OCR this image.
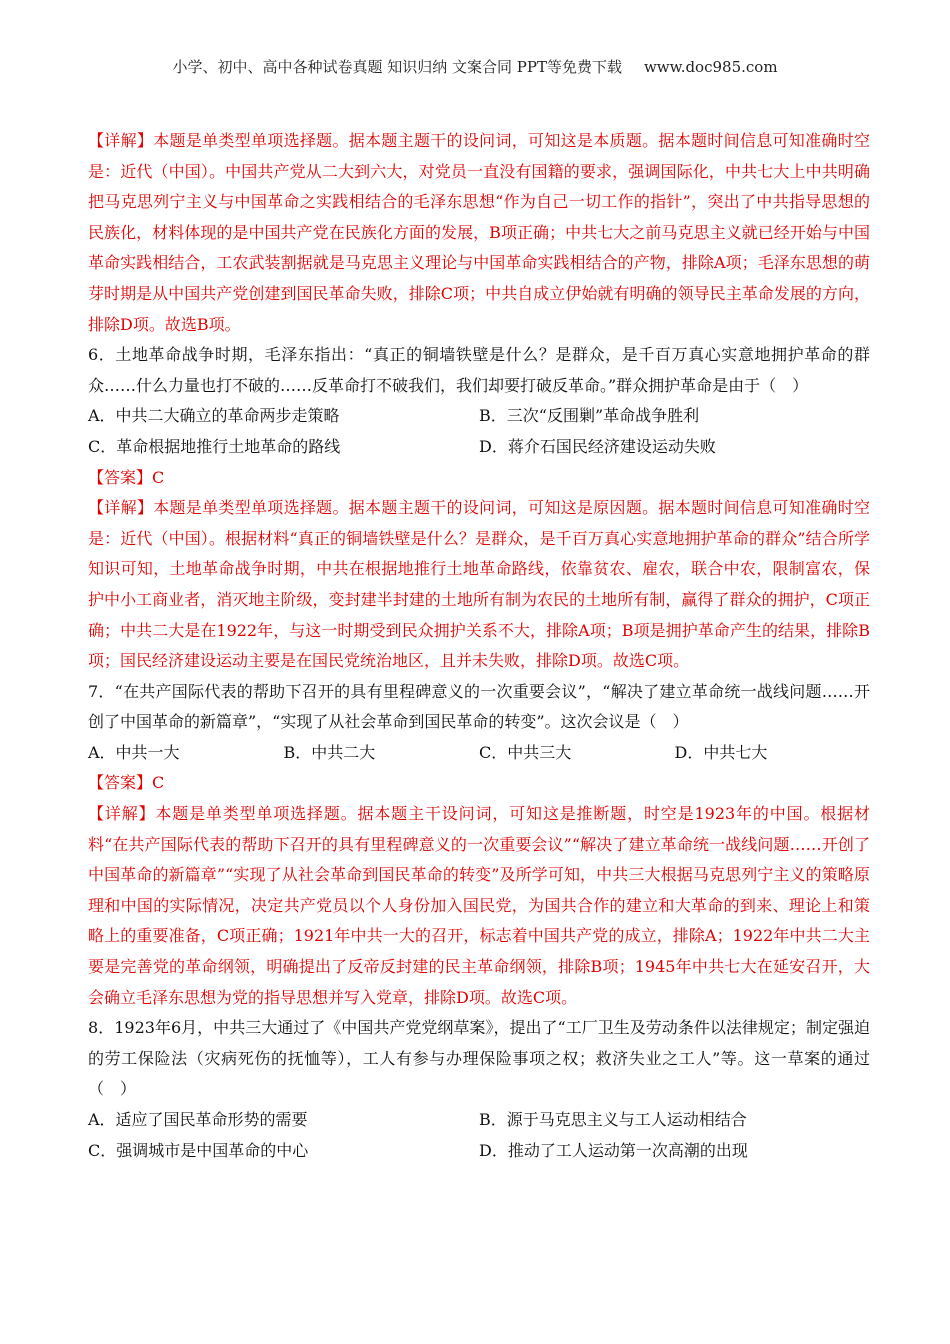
小学、初中、高中各种试卷真题 知识归纳 文案合同 PPT等免费下载 www.doc985.com

【详解】本题是单类型单项选择题。据本题主题干的设问词，可知这是本质题。据本题时间信息可知准确时空是：近代（中国）。中国共产党从二大到六大，对党员一直没有国籍的要求，强调国际化，中共七大上中共明确把马克思列宁主义与中国革命之实践相结合的毛泽东思想“作为自己一切工作的指针”，突出了中共指导思想的民族化，材料体现的是中国共产党在民族化方面的发展，B项正确；中共七大之前马克思主义就已经开始与中国革命实践相结合，工农武装割据就是马克思主义理论与中国革命实践相结合的产物，排除A项；毛泽东思想的萌芽时期是从中国共产党创建到国民革命失败，排除C项；中共自成立伊始就有明确的领导民主革命发展的方向，排除D项。故选B项。

6．土地革命战争时期，毛泽东指出：“真正的铜墙铁壁是什么？是群众，是千百万真心实意地拥护革命的群众……什么力量也打不破的……反革命打不破我们，我们却要打破反革命。”群众拥护革命是由于（　）

A．中共二大确立的革命两步走策略	B．三次“反围剿”革命战争胜利
C．革命根据地推行土地革命的路线	D．蒋介石国民经济建设运动失败

【答案】C

【详解】本题是单类型单项选择题。据本题主题干的设问词，可知这是原因题。据本题时间信息可知准确时空是：近代（中国）。根据材料“真正的铜墙铁壁是什么？是群众，是千百万真心实意地拥护革命的群众”结合所学知识可知，土地革命战争时期，中共在根据地推行土地革命路线，依靠贫农、雇农，联合中农，限制富农，保护中小工商业者，消灭地主阶级，变封建半封建的土地所有制为农民的土地所有制，赢得了群众的拥护，C项正确；中共二大是在1922年，与这一时期受到民众拥护关系不大，排除A项；B项是拥护革命产生的结果，排除B项；国民经济建设运动主要是在国民党统治地区，且并未失败，排除D项。故选C项。

7．“在共产国际代表的帮助下召开的具有里程碑意义的一次重要会议”，“解决了建立革命统一战线问题……开创了中国革命的新篇章”，“实现了从社会革命到国民革命的转变”。这次会议是（　）

A．中共一大	B．中共二大	C．中共三大	D．中共七大

【答案】C

【详解】本题是单类型单项选择题。据本题主干设问词，可知这是推断题，时空是1923年的中国。根据材料“在共产国际代表的帮助下召开的具有里程碑意义的一次重要会议”“解决了建立革命统一战线问题……开创了中国革命的新篇章”“实现了从社会革命到国民革命的转变”及所学可知，中共三大根据马克思列宁主义的策略原理和中国的实际情况，决定共产党员以个人身份加入国民党，为国共合作的建立和大革命的到来、理论上和策略上的重要准备，C项正确；1921年中共一大的召开，标志着中国共产党的成立，排除A；1922年中共二大主要是完善党的革命纲领，明确提出了反帝反封建的民主革命纲领，排除B项；1945年中共七大在延安召开，大会确立毛泽东思想为党的指导思想并写入党章，排除D项。故选C项。

8．1923年6月，中共三大通过了《中国共产党党纲草案》，提出了“工厂卫生及劳动条件以法律规定；制定强迫的劳工保险法（灾病死伤的抚恤等），工人有参与办理保险事项之权；救济失业之工人”等。这一草案的通过（　）

A．适应了国民革命形势的需要	B．源于马克思主义与工人运动相结合
C．强调城市是中国革命的中心	D．推动了工人运动第一次高潮的出现
